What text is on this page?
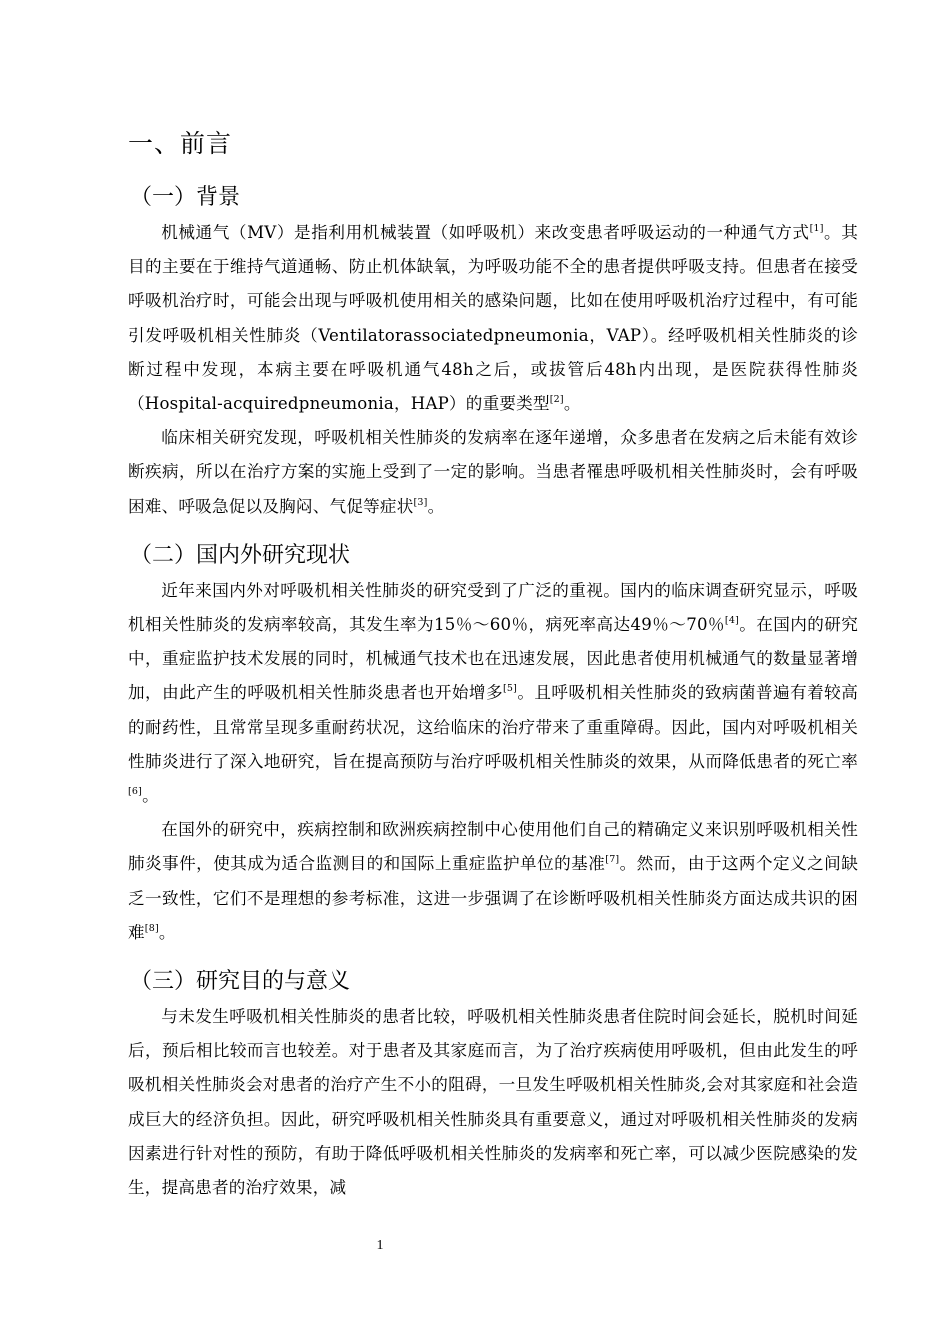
一、前言
（一）背景

机械通气（MV）是指利用机械装置（如呼吸机）来改变患者呼吸运动的一种通气方式[1]。其目的主要在于维持气道通畅、防止机体缺氧，为呼吸功能不全的患者提供呼吸支持。但患者在接受呼吸机治疗时，可能会出现与呼吸机使用相关的感染问题，比如在使用呼吸机治疗过程中，有可能引发呼吸机相关性肺炎（Ventilatorassociatedpneumonia，VAP）。经呼吸机相关性肺炎的诊断过程中发现，本病主要在呼吸机通气48h之后，或拔管后48h内出现，是医院获得性肺炎（Hospital-acquiredpneumonia，HAP）的重要类型[2]。

临床相关研究发现，呼吸机相关性肺炎的发病率在逐年递增，众多患者在发病之后未能有效诊断疾病，所以在治疗方案的实施上受到了一定的影响。当患者罹患呼吸机相关性肺炎时，会有呼吸困难、呼吸急促以及胸闷、气促等症状[3]。

（二）国内外研究现状

近年来国内外对呼吸机相关性肺炎的研究受到了广泛的重视。国内的临床调查研究显示，呼吸机相关性肺炎的发病率较高，其发生率为15％～60％，病死率高达49％～70％[4]。在国内的研究中，重症监护技术发展的同时，机械通气技术也在迅速发展，因此患者使用机械通气的数量显著增加，由此产生的呼吸机相关性肺炎患者也开始增多[5]。且呼吸机相关性肺炎的致病菌普遍有着较高的耐药性，且常常呈现多重耐药状况，这给临床的治疗带来了重重障碍。因此，国内对呼吸机相关性肺炎进行了深入地研究，旨在提高预防与治疗呼吸机相关性肺炎的效果，从而降低患者的死亡率[6]。

在国外的研究中，疾病控制和欧洲疾病控制中心使用他们自己的精确定义来识别呼吸机相关性肺炎事件，使其成为适合监测目的和国际上重症监护单位的基准[7]。然而，由于这两个定义之间缺乏一致性，它们不是理想的参考标准，这进一步强调了在诊断呼吸机相关性肺炎方面达成共识的困难[8]。

（三）研究目的与意义

与未发生呼吸机相关性肺炎的患者比较，呼吸机相关性肺炎患者住院时间会延长，脱机时间延后，预后相比较而言也较差。对于患者及其家庭而言，为了治疗疾病使用呼吸机，但由此发生的呼吸机相关性肺炎会对患者的治疗产生不小的阻碍，一旦发生呼吸机相关性肺炎,会对其家庭和社会造成巨大的经济负担。因此，研究呼吸机相关性肺炎具有重要意义，通过对呼吸机相关性肺炎的发病因素进行针对性的预防，有助于降低呼吸机相关性肺炎的发病率和死亡率，可以减少医院感染的发生，提高患者的治疗效果，减

1
